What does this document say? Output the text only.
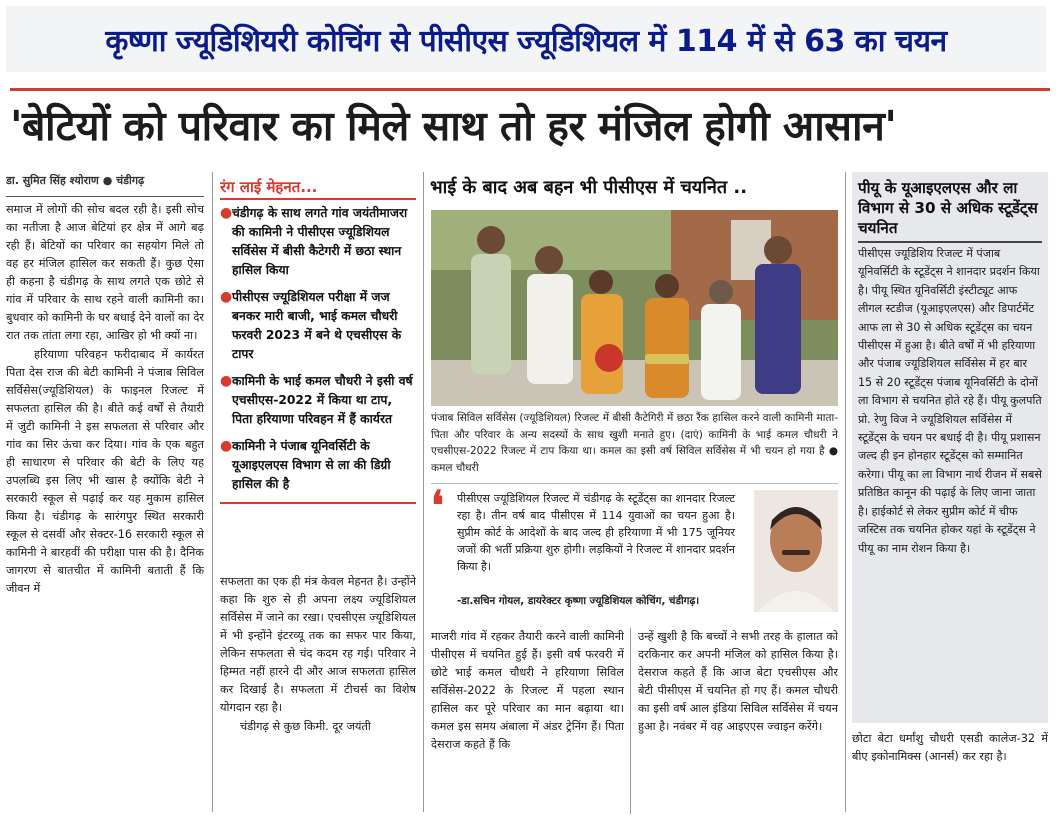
कृष्णा ज्यूडिशियरी कोचिंग से पीसीएस ज्यूडिशियल में 114 में से 63 का चयन
'बेटियों को परिवार का मिले साथ तो हर मंजिल होगी आसान'
डा. सुमित सिंह श्योराण ● चंडीगढ़

समाज में लोगों की सोच बदल रही है। इसी सोच का नतीजा है आज बेटियां हर क्षेत्र में आगे बढ़ रही हैं। बेटियों का परिवार का सहयोग मिले तो वह हर मंजिल हासिल कर सकती हैं। कुछ ऐसा ही कहना है चंडीगढ़ के साथ लगते एक छोटे से गांव में परिवार के साथ रहने वाली कामिनी का। बुधवार को कामिनी के घर बधाई देने वालों का देर रात तक तांता लगा रहा, आखिर हो भी क्यों ना।

हरियाणा परिवहन फरीदाबाद में कार्यरत पिता देस राज की बेटी कामिनी ने पंजाब सिविल सर्विसेस(ज्यूडिशियल) के फाइनल रिजल्ट में सफलता हासिल की है। बीते कई वर्षों से तैयारी में जुटी कामिनी ने इस सफलता से परिवार और गांव का सिर ऊंचा कर दिया। गांव के एक बहुत ही साधारण से परिवार की बेटी के लिए यह उपलब्धि इस लिए भी खास है क्योंकि बेटी ने सरकारी स्कूल से पढ़ाई कर यह मुकाम हासिल किया है। चंडीगढ़ के सारंगपुर स्थित सरकारी स्कूल से दसवीं और सेक्टर-16 सरकारी स्कूल से कामिनी ने बारहवीं की परीक्षा पास की है। दैनिक जागरण से बातचीत में कामिनी बताती हैं कि जीवन में

रंग लाई मेहनत...
● चंडीगढ़ के साथ लगते गांव जयंतीमाजरा की कामिनी ने पीसीएस ज्यूडिशियल सर्विसेस में बीसी कैटेगरी में छठा स्थान हासिल किया
● पीसीएस ज्यूडिशियल परीक्षा में जज बनकर मारी बाजी, भाई कमल चौधरी फरवरी 2023 में बने थे एचसीएस के टापर
● कामिनी के भाई कमल चौधरी ने इसी वर्ष एचसीएस-2022 में किया था टाप, पिता हरियाणा परिवहन में हैं कार्यरत
● कामिनी ने पंजाब यूनिवर्सिटी के यूआइएलएस विभाग से ला की डिग्री हासिल की है

सफलता का एक ही मंत्र केवल मेहनत है। उन्होंने कहा कि शुरु से ही अपना लक्ष्य ज्यूडिशियल सर्विसेस में जाने का रखा। एचसीएस ज्यूडिशियल में भी इन्होंने इंटरव्यू तक का सफर पार किया, लेकिन सफलता से चंद कदम रह गई। परिवार ने हिम्मत नहीं हारने दी और आज सफलता हासिल कर दिखाई है। सफलता में टीचर्स का विशेष योगदान रहा है।

चंडीगढ़ से कुछ किमी. दूर जयंती

भाई के बाद अब बहन भी पीसीएस में चयनित ..
पंजाब सिविल सर्विसेस (ज्यूडिशियल) रिजल्ट में बीसी कैटेगिरी में छठा रैंक हासिल करने वाली कामिनी माता-पिता और परिवार के अन्य सदस्यों के साथ खुशी मनाते हुए। (दाएं) कामिनी के भाई कमल चौधरी ने एचसीएस-2022 रिजल्ट में टाप किया था। कमल का इसी वर्ष सिविल सर्विसेस में भी चयन हो गया है ● कमल चौधरी
❛ पीसीएस ज्यूडिशियल रिजल्ट में चंडीगढ़ के स्टूडेंट्स का शानदार रिजल्ट रहा है। तीन वर्ष बाद पीसीएस में 114 युवाओं का चयन हुआ है। सुप्रीम कोर्ट के आदेशों के बाद जल्द ही हरियाणा में भी 175 जूनियर जजों की भर्ती प्रक्रिया शुरु होगी। लड़कियों ने रिजल्ट में शानदार प्रदर्शन किया है।
-डा.सचिन गोयल, डायरेक्टर कृष्णा ज्यूडिशियल कोचिंग, चंडीगढ़।

माजरी गांव में रहकर तैयारी करने वाली कामिनी पीसीएस में चयनित हुई हैं। इसी वर्ष फरवरी में छोटे भाई कमल चौधरी ने हरियाणा सिविल सर्विसेस-2022 के रिजल्ट में पहला स्थान हासिल कर पूरे परिवार का मान बढ़ाया था। कमल इस समय अंबाला में अंडर ट्रेनिंग हैं। पिता देसराज कहते हैं कि

उन्हें खुशी है कि बच्चों ने सभी तरह के हालात को दरकिनार कर अपनी मंजिल को हासिल किया है। देसराज कहते हैं कि आज बेटा एचसीएस और बेटी पीसीएस में चयनित हो गए हैं। कमल चौधरी का इसी वर्ष आल इंडिया सिविल सर्विसेस में चयन हुआ है। नवंबर में वह आइएएस ज्वाइन करेंगे।

पीयू के यूआइएलएस और ला विभाग से 30 से अधिक स्टूडेंट्स चयनित
पीसीएस ज्यूडिशिय रिजल्ट में पंजाब यूनिवर्सिटी के स्टूडेंट्स ने शानदार प्रदर्शन किया है। पीयू स्थित यूनिवर्सिटी इंस्टीट्यूट आफ लीगल स्टडीज (यूआइएलएस) और डिपार्टमेंट आफ ला से 30 से अधिक स्टूडेंट्स का चयन पीसीएस में हुआ है। बीते वर्षों में भी हरियाणा और पंजाब ज्यूडिशियल सर्विसेस में हर बार 15 से 20 स्टूडेंट्स पंजाब यूनिवर्सिटी के दोनों ला विभाग से चयनित होते रहे हैं। पीयू कुलपति प्रो. रेणु विज ने ज्यूडिशियल सर्विसेस में स्टूडेंट्स के चयन पर बधाई दी है। पीयू प्रशासन जल्द ही इन होनहार स्टूडेंट्स को सम्मानित करेगा। पीयू का ला विभाग नार्थ रीजन में सबसे प्रतिष्ठित कानून की पढ़ाई के लिए जाना जाता है। हाईकोर्ट से लेकर सुप्रीम कोर्ट में चीफ जस्टिस तक चयनित होकर यहां के स्टूडेंट्स ने पीयू का नाम रोशन किया है।

छोटा बेटा धर्मांशु चौधरी एसडी कालेज-32 में बीए इकोनामिक्स (आनर्स) कर रहा है।
